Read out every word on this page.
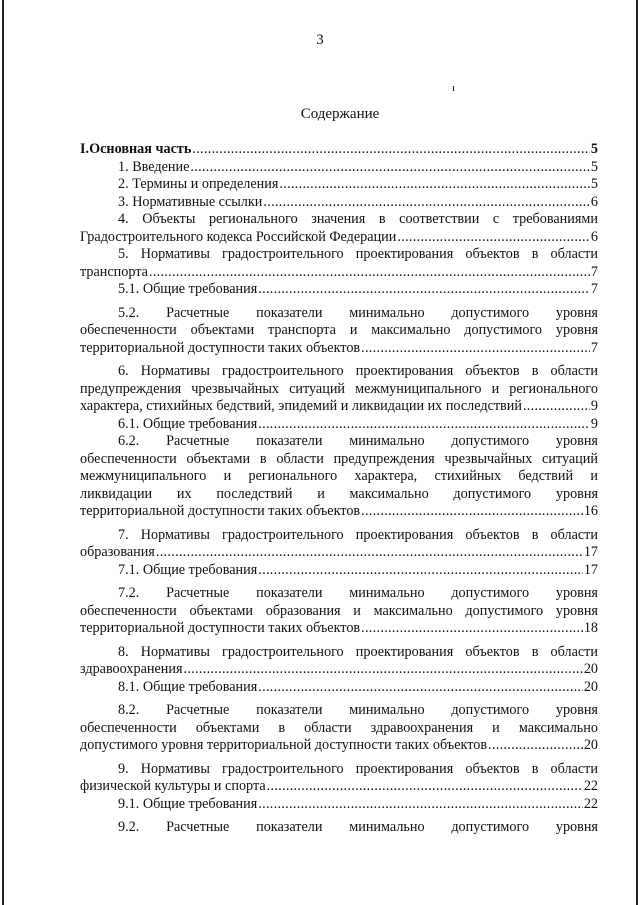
3
ı
Содержание
I.Основная часть .....	5
1. Введение .....	5
2. Термины и определения .....	5
3. Нормативные ссылки .....	6
4. Объекты регионального значения в соответствии с требованиями
Градостроительного кодекса Российской Федерации .....	6
5. Нормативы градостроительного проектирования объектов в области
транспорта .....	7
5.1. Общие требования .....	7
5.2. Расчетные показатели минимально допустимого уровня
обеспеченности объектами транспорта и максимально допустимого уровня
территориальной доступности таких объектов .....	7
6. Нормативы градостроительного проектирования объектов в области
предупреждения чрезвычайных ситуаций межмуниципального и регионального
характера, стихийных бедствий, эпидемий и ликвидации их последствий .....	9
6.1. Общие требования .....	9
6.2. Расчетные показатели минимально допустимого уровня
обеспеченности объектами в области предупреждения чрезвычайных ситуаций
межмуниципального и регионального характера, стихийных бедствий и
ликвидации их последствий и максимально допустимого уровня
территориальной доступности таких объектов .....	16
7. Нормативы градостроительного проектирования объектов в области
образования .....	17
7.1. Общие требования .....	17
7.2. Расчетные показатели минимально допустимого уровня
обеспеченности объектами образования и максимально допустимого уровня
территориальной доступности таких объектов .....	18
8. Нормативы градостроительного проектирования объектов в области
здравоохранения .....	20
8.1. Общие требования .....	20
8.2. Расчетные показатели минимально допустимого уровня
обеспеченности объектами в области здравоохранения и максимально
допустимого уровня территориальной доступности таких объектов .....	20
9. Нормативы градостроительного проектирования объектов в области
физической культуры и спорта .....	22
9.1. Общие требования .....	22
9.2. Расчетные показатели минимально допустимого уровня
